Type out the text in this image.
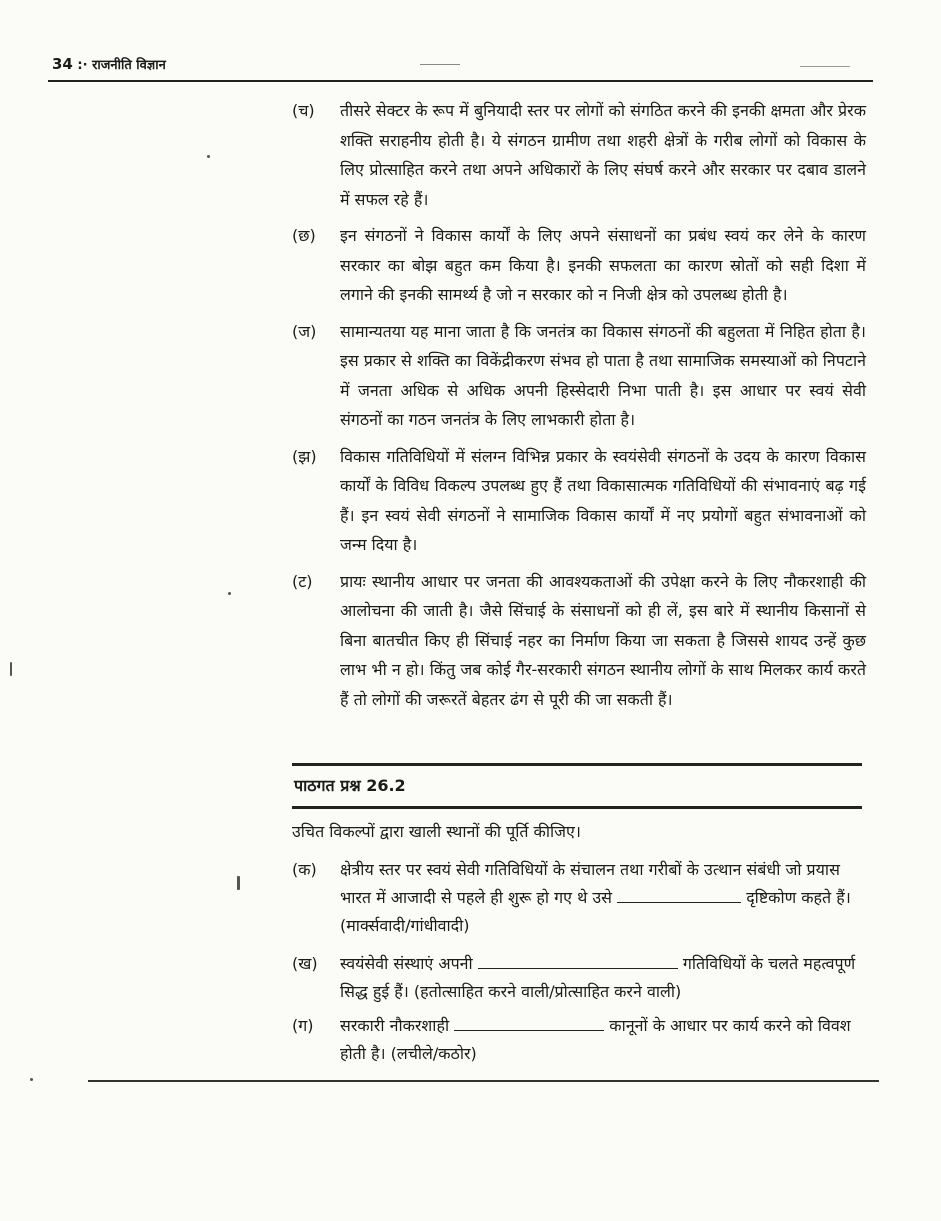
34 :· राजनीति विज्ञान
(च)	तीसरे सेक्टर के रूप में बुनियादी स्तर पर लोगों को संगठित करने की इनकी क्षमता और प्रेरक शक्ति सराहनीय होती है। ये संगठन ग्रामीण तथा शहरी क्षेत्रों के गरीब लोगों को विकास के लिए प्रोत्साहित करने तथा अपने अधिकारों के लिए संघर्ष करने और सरकार पर दबाव डालने में सफल रहे हैं।
(छ)	इन संगठनों ने विकास कार्यों के लिए अपने संसाधनों का प्रबंध स्वयं कर लेने के कारण सरकार का बोझ बहुत कम किया है। इनकी सफलता का कारण स्रोतों को सही दिशा में लगाने की इनकी सामर्थ्य है जो न सरकार को न निजी क्षेत्र को उपलब्ध होती है।
(ज)	सामान्यतया यह माना जाता है कि जनतंत्र का विकास संगठनों की बहुलता में निहित होता है। इस प्रकार से शक्ति का विकेंद्रीकरण संभव हो पाता है तथा सामाजिक समस्याओं को निपटाने में जनता अधिक से अधिक अपनी हिस्सेदारी निभा पाती है। इस आधार पर स्वयं सेवी संगठनों का गठन जनतंत्र के लिए लाभकारी होता है।
(झ)	विकास गतिविधियों में संलग्न विभिन्न प्रकार के स्वयंसेवी संगठनों के उदय के कारण विकास कार्यों के विविध विकल्प उपलब्ध हुए हैं तथा विकासात्मक गतिविधियों की संभावनाएं बढ़ गई हैं। इन स्वयं सेवी संगठनों ने सामाजिक विकास कार्यों में नए प्रयोगों बहुत संभावनाओं को जन्म दिया है।
(ट)	प्रायः स्थानीय आधार पर जनता की आवश्यकताओं की उपेक्षा करने के लिए नौकरशाही की आलोचना की जाती है। जैसे सिंचाई के संसाधनों को ही लें, इस बारे में स्थानीय किसानों से बिना बातचीत किए ही सिंचाई नहर का निर्माण किया जा सकता है जिससे शायद उन्हें कुछ लाभ भी न हो। किंतु जब कोई गैर-सरकारी संगठन स्थानीय लोगों के साथ मिलकर कार्य करते हैं तो लोगों की जरूरतें बेहतर ढंग से पूरी की जा सकती हैं।
पाठगत प्रश्न 26.2
उचित विकल्पों द्वारा खाली स्थानों की पूर्ति कीजिए।
(क)	क्षेत्रीय स्तर पर स्वयं सेवी गतिविधियों के संचालन तथा गरीबों के उत्थान संबंधी जो प्रयास भारत में आजादी से पहले ही शुरू हो गए थे उसे	दृष्टिकोण कहते हैं। (मार्क्सवादी/गांधीवादी)
(ख)	स्वयंसेवी संस्थाएं अपनी	गतिविधियों के चलते महत्वपूर्ण सिद्ध हुई हैं। (हतोत्साहित करने वाली/प्रोत्साहित करने वाली)
(ग)	सरकारी नौकरशाही	कानूनों के आधार पर कार्य करने को विवश होती है। (लचीले/कठोर)
